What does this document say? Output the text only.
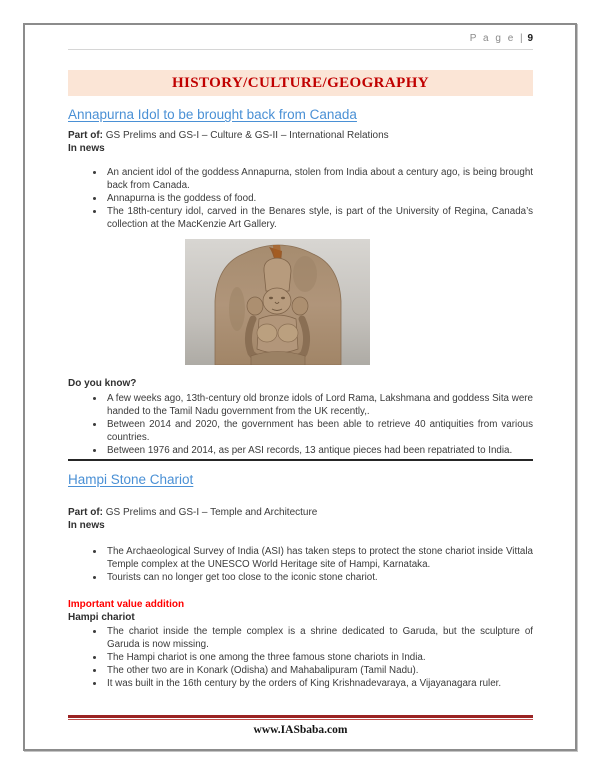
P a g e | 9
HISTORY/CULTURE/GEOGRAPHY
Annapurna Idol to be brought back from Canada
Part of: GS Prelims and GS-I – Culture & GS-II – International Relations
In news
• An ancient idol of the goddess Annapurna, stolen from India about a century ago, is being brought back from Canada.
• Annapurna is the goddess of food.
• The 18th-century idol, carved in the Benares style, is part of the University of Regina, Canada’s collection at the MacKenzie Art Gallery.
Do you know?
• A few weeks ago, 13th-century old bronze idols of Lord Rama, Lakshmana and goddess Sita were handed to the Tamil Nadu government from the UK recently,.
• Between 2014 and 2020, the government has been able to retrieve 40 antiquities from various countries.
• Between 1976 and 2014, as per ASI records, 13 antique pieces had been repatriated to India.
Hampi Stone Chariot
Part of: GS Prelims and GS-I – Temple and Architecture
In news
• The Archaeological Survey of India (ASI) has taken steps to protect the stone chariot inside Vittala Temple complex at the UNESCO World Heritage site of Hampi, Karnataka.
• Tourists can no longer get too close to the iconic stone chariot.
Important value addition
Hampi chariot
• The chariot inside the temple complex is a shrine dedicated to Garuda, but the sculpture of Garuda is now missing.
• The Hampi chariot is one among the three famous stone chariots in India.
• The other two are in Konark (Odisha) and Mahabalipuram (Tamil Nadu).
• It was built in the 16th century by the orders of King Krishnadevaraya, a Vijayanagara ruler.
www.IASbaba.com
